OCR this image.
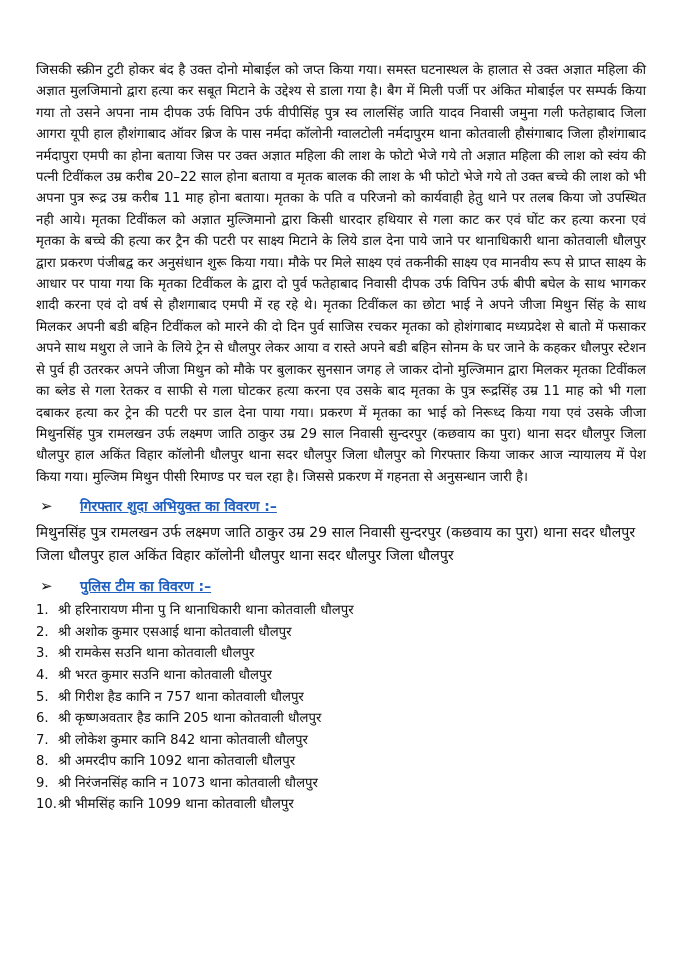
जिसकी स्क्रीन टुटी होकर बंद है उक्त दोनो मोबाईल को जप्त किया गया। समस्त घटनास्थल के हालात से उक्त अज्ञात महिला की अज्ञात मुलजिमानो द्वारा हत्या कर सबूत मिटाने के उद्देश्य से डाला गया है। बैग में मिली पर्जी पर अंकित मोबाईल पर सम्पर्क किया गया तो उसने अपना नाम दीपक उर्फ विपिन उर्फ वीपीसिंह पुत्र स्व लालसिंह जाति यादव निवासी जमुना गली फतेहाबाद जिला आगरा यूपी हाल हौशंगाबाद ऑवर ब्रिज के पास नर्मदा कॉलोनी ग्वालटोली नर्मदापुरम थाना कोतवाली हौसंगाबाद जिला हौशंगाबाद नर्मदापुरा एमपी का होना बताया जिस पर उक्त अज्ञात महिला की लाश के फोटो भेजे गये तो अज्ञात महिला की लाश को स्वंय की पत्नी टिवींकल उम्र करीब 20–22 साल होना बताया व मृतक बालक की लाश के भी फोटो भेजे गये तो उक्त बच्चे की लाश को भी अपना पुत्र रूद्र उम्र करीब 11 माह होना बताया। मृतका के पति व परिजनो को कार्यवाही हेतु थाने पर तलब किया जो उपस्थित नही आये। मृतका टिवींकल को अज्ञात मुल्जिमानो द्वारा किसी धारदार हथियार से गला काट कर एवं घोंट कर हत्या करना एवं मृतका के बच्चे की हत्या कर ट्रैन की पटरी पर साक्ष्य मिटाने के लिये डाल देना पाये जाने पर थानाधिकारी थाना कोतवाली धौलपुर द्वारा प्रकरण पंजीबद्व कर अनुसंधान शुरू किया गया। मौके पर मिले साक्ष्य एवं तकनीकी साक्ष्य एव मानवीय रूप से प्राप्त साक्ष्य के आधार पर पाया गया कि मृतका टिवींकल के द्वारा दो पुर्व फतेहाबाद निवासी दीपक उर्फ विपिन उर्फ बीपी बघेल के साथ भागकर शादी करना एवं दो वर्ष से हौशगाबाद एमपी में रह रहे थे। मृतका टिवींकल का छोटा भाई ने अपने जीजा मिथुन सिंह के साथ मिलकर अपनी बडी बहिन टिवींकल को मारने की दो दिन पुर्व साजिस रचकर मृतका को होशंगाबाद मध्यप्रदेश से बातो में फसाकर अपने साथ मथुरा ले जाने के लिये ट्रेन से धौलपुर लेकर आया व रास्ते अपने बडी बहिन सोनम के घर जाने के कहकर धौलपुर स्टेशन से पुर्व ही उतरकर अपने जीजा मिथुन को मौके पर बुलाकर सुनसान जगह ले जाकर दोनो मुल्जिमान द्वारा मिलकर मृतका टिवींकल का ब्लेड से गला रेतकर व साफी से गला घोटकर हत्या करना एव उसके बाद मृतका के पुत्र रूद्रसिंह उम्र 11 माह को भी गला दबाकर हत्या कर ट्रेन की पटरी पर डाल देना पाया गया। प्रकरण में मृतका का भाई को निरूध्द किया गया एवं उसके जीजा मिथुनसिंह पुत्र रामलखन उर्फ लक्ष्मण जाति ठाकुर उम्र 29 साल निवासी सुन्दरपुर (कछवाय का पुरा) थाना सदर धौलपुर जिला धौलपुर हाल अकिंत विहार कॉलोनी धौलपुर थाना सदर धौलपुर जिला धौलपुर को गिरफ्तार किया जाकर आज न्यायालय में पेश किया गया। मुल्जिम मिथुन पीसी रिमाण्ड पर चल रहा है। जिससे प्रकरण में गहनता से अनुसन्धान जारी है।

➢	गिरफ्तार शुदा अभियुक्त का विवरण :–

मिथुनसिंह पुत्र रामलखन उर्फ लक्ष्मण जाति ठाकुर उम्र 29 साल निवासी सुन्दरपुर (कछवाय का पुरा) थाना सदर धौलपुर जिला धौलपुर हाल अकिंत विहार कॉलोनी धौलपुर थाना सदर धौलपुर जिला धौलपुर

➢	पुलिस टीम का विवरण :–
1. श्री हरिनारायण मीना पु नि थानाधिकारी थाना कोतवाली धौलपुर
2. श्री अशोक कुमार एसआई थाना कोतवाली धौलपुर
3. श्री रामकेस सउनि थाना कोतवाली धौलपुर
4. श्री भरत कुमार सउनि थाना कोतवाली धौलपुर
5. श्री गिरीश हैड कानि न 757 थाना कोतवाली धौलपुर
6. श्री कृष्णअवतार हैड कानि 205 थाना कोतवाली धौलपुर
7. श्री लोकेश कुमार कानि 842 थाना कोतवाली धौलपुर
8. श्री अमरदीप कानि 1092 थाना कोतवाली धौलपुर
9. श्री निरंजनसिंह कानि न 1073 थाना कोतवाली धौलपुर
10. श्री भीमसिंह कानि 1099 थाना कोतवाली धौलपुर
